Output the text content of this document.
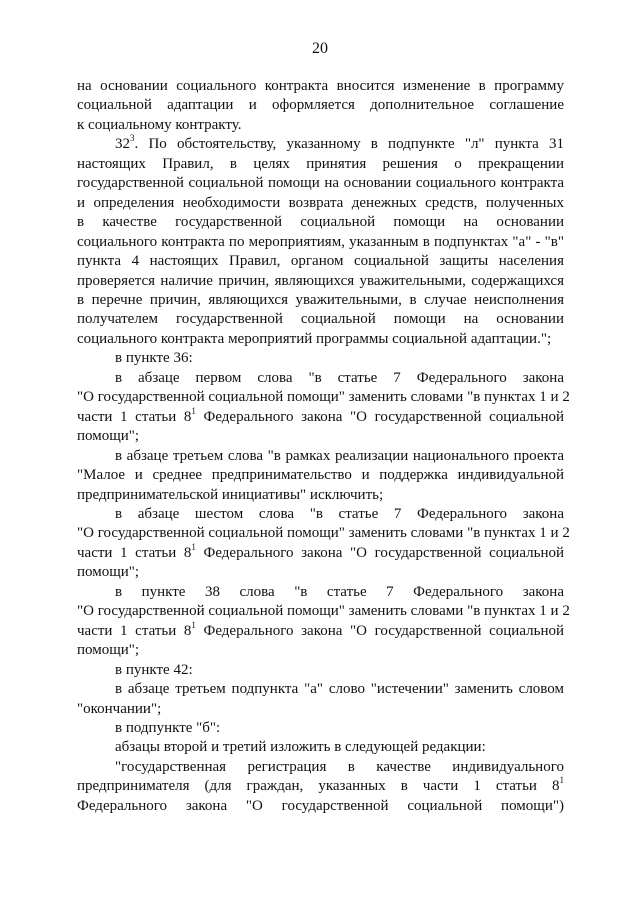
20
на основании социального контракта вносится изменение в программу
социальной адаптации и оформляется дополнительное соглашение
к социальному контракту.
$32^3$. По обстоятельству, указанному в подпункте "л" пункта 31
настоящих Правил, в целях принятия решения о прекращении
государственной социальной помощи на основании социального контракта
и определения необходимости возврата денежных средств, полученных
в качестве государственной социальной помощи на основании
социального контракта по мероприятиям, указанным в подпунктах "а" - "в"
пункта 4 настоящих Правил, органом социальной защиты населения
проверяется наличие причин, являющихся уважительными, содержащихся
в перечне причин, являющихся уважительными, в случае неисполнения
получателем государственной социальной помощи на основании
социального контракта мероприятий программы социальной адаптации.";
в пункте 36:
в абзаце первом слова "в статье 7 Федерального закона
"О государственной социальной помощи" заменить словами "в пунктах 1 и 2
части 1 статьи $8^1$ Федерального закона "О государственной социальной
помощи";
в абзаце третьем слова "в рамках реализации национального проекта
"Малое и среднее предпринимательство и поддержка индивидуальной
предпринимательской инициативы" исключить;
в абзаце шестом слова "в статье 7 Федерального закона
"О государственной социальной помощи" заменить словами "в пунктах 1 и 2
части 1 статьи $8^1$ Федерального закона "О государственной социальной
помощи";
в пункте 38 слова "в статье 7 Федерального закона
"О государственной социальной помощи" заменить словами "в пунктах 1 и 2
части 1 статьи $8^1$ Федерального закона "О государственной социальной
помощи";
в пункте 42:
в абзаце третьем подпункта "а" слово "истечении" заменить словом
"окончании";
в подпункте "б":
абзацы второй и третий изложить в следующей редакции:
"государственная регистрация в качестве индивидуального
предпринимателя (для граждан, указанных в части 1 статьи $8^1$
Федерального закона "О государственной социальной помощи")
